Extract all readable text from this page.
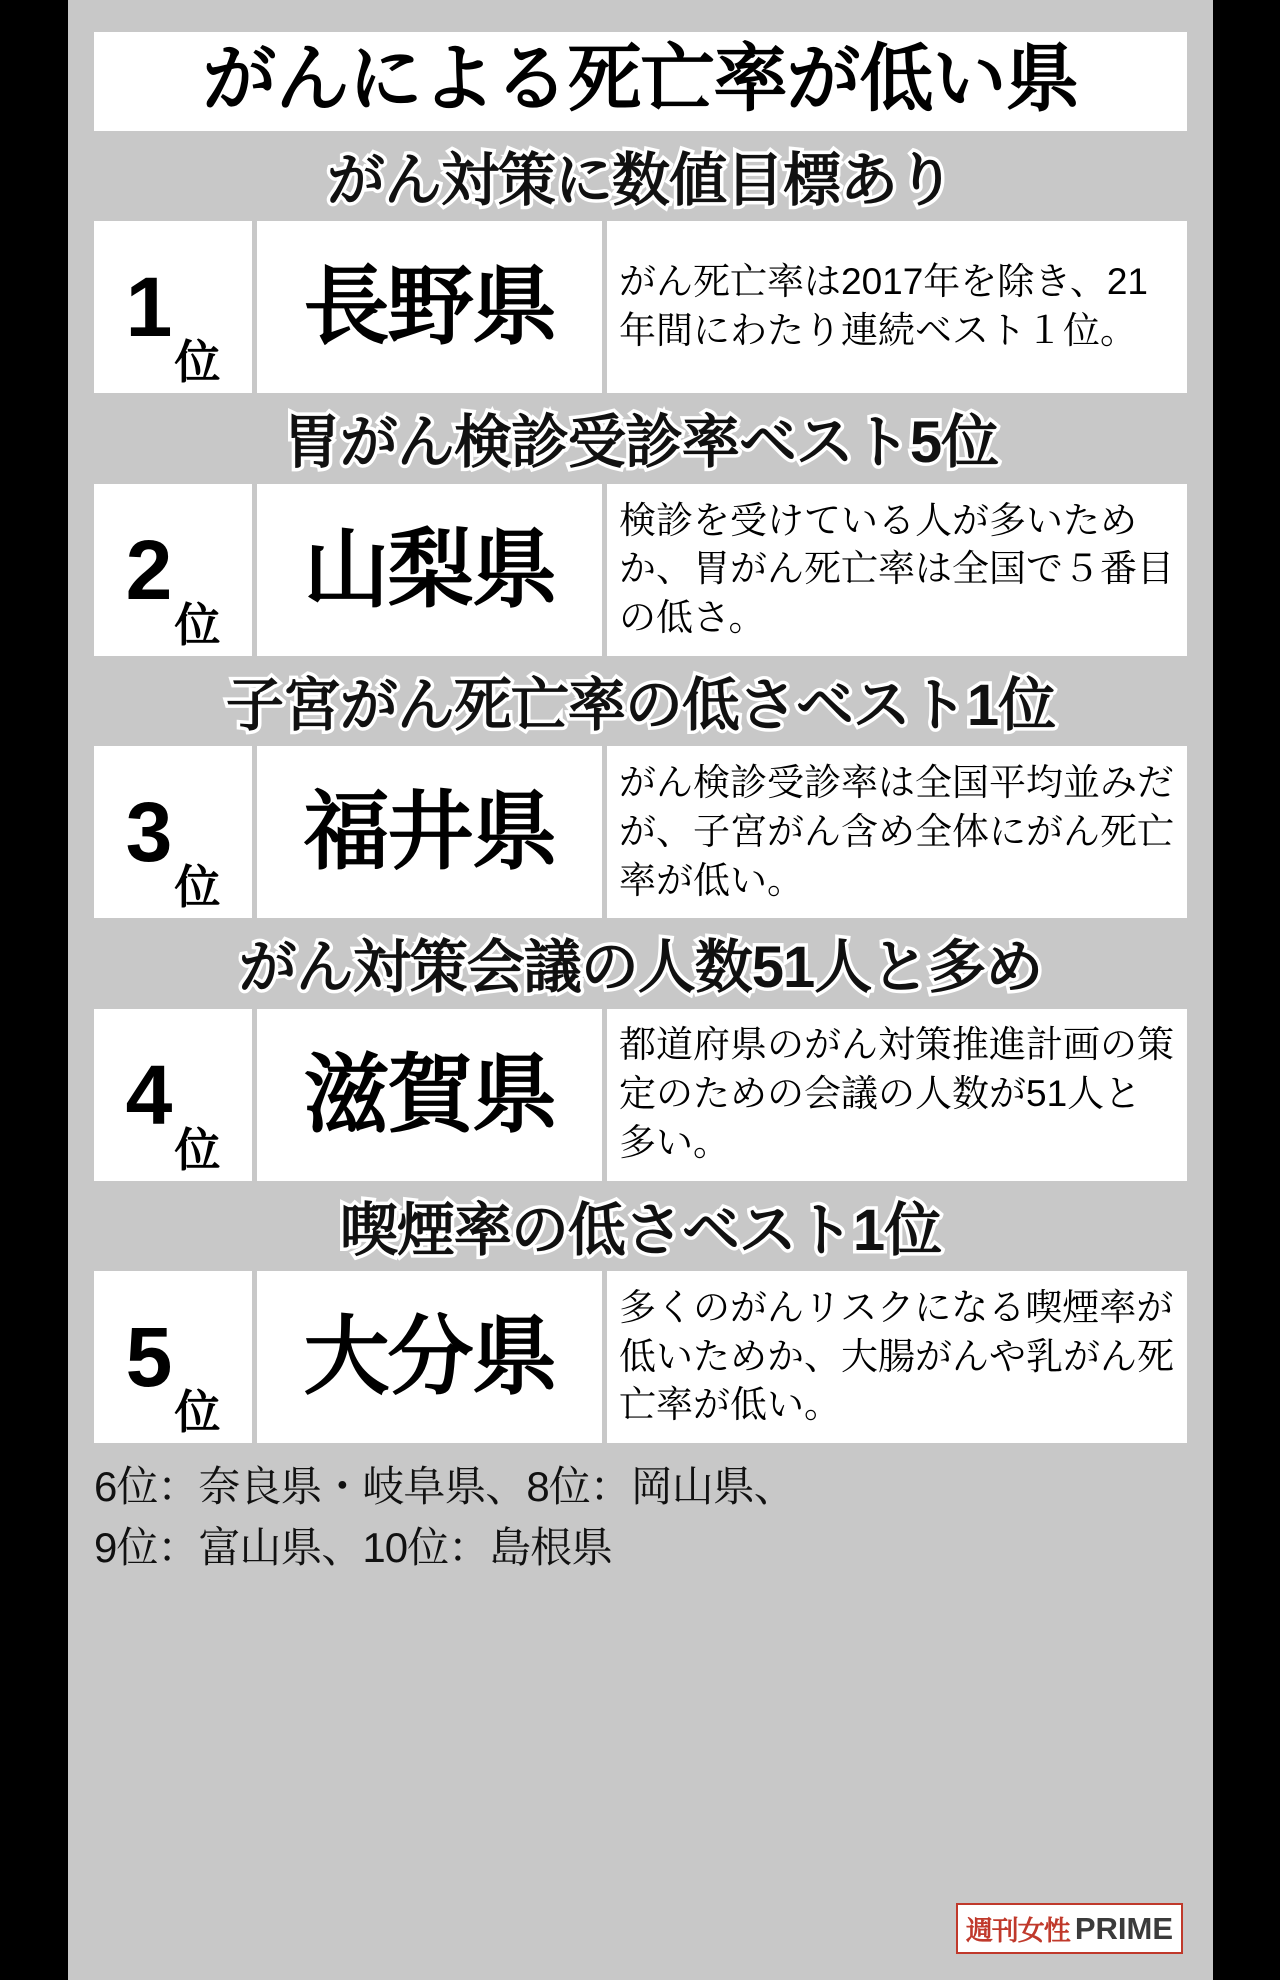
がんによる死亡率が低い県
がん対策に数値目標あり
1
位
長野県 がん死亡率は2017年を除き、21年間にわたり連続ベスト１位。
胃がん検診受診率ベスト5位
2
位
山梨県
検診を受けている人が多いためか、胃がん死亡率は全国で５番目の低さ。
子宮がん死亡率の低さベスト1位
3
位
福井県
がん検診受診率は全国平均並みだが、子宮がん含め全体にがん死亡率が低い。
がん対策会議の人数51人と多め
4
位
滋賀県
都道府県のがん対策推進計画の策定のための会議の人数が51人と多い。
喫煙率の低さベスト1位
5
位
大分県
多くのがんリスクになる喫煙率が低いためか、大腸がんや乳がん死亡率が低い。
6位：奈良県・岐阜県、8位：岡山県、
9位：富山県、10位：島根県
週刊女性 PRIME
